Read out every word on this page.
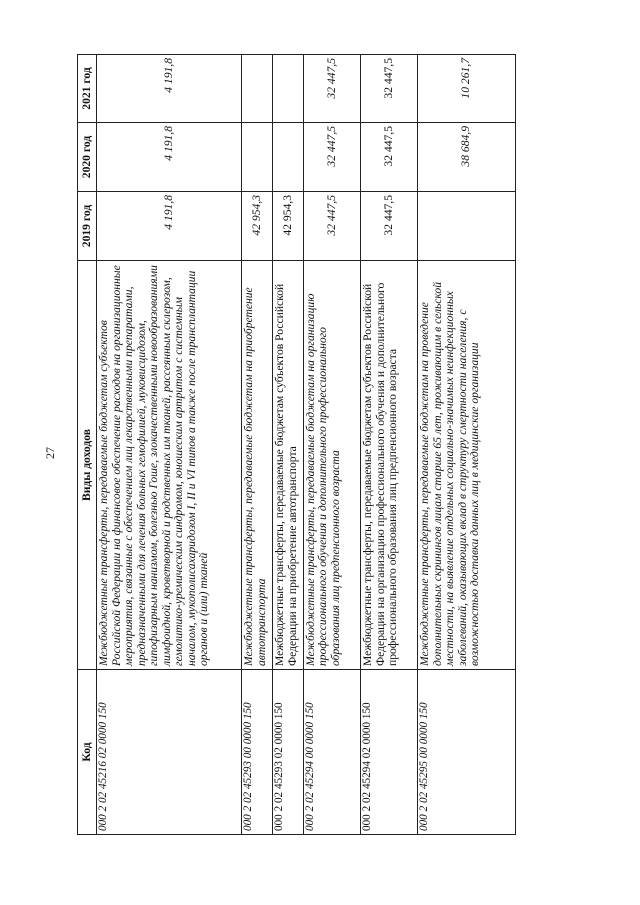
27
Код	Виды доходов	2019 год	2020 год	2021 год
000 2 02 45216 02 0000 150	Межбюджетные трансферты, передаваемые бюджетам субъектов Российской Федерации на финансовое обеспечение расходов на организационные мероприятия, связанные с обеспечением лиц лекарственными препаратами, предназначенными для лечения больных гемофилией, муковисцидозом, гипофизарным нанизмом, болезнью Гоше, злокачественными новообразованиями лимфоидной, кроветворной и родственных им тканей, рассеянным склерозом, гемолитико-уремическим синдромом, юношеским артритом с системным началом, мукополисахаридозом I, II и VI типов а также после трансплантации органов и (или) тканей	4 191,8	4 191,8	4 191,8
000 2 02 45293 00 0000 150	Межбюджетные трансферты, передаваемые бюджетам на приобретение автотранспорта	42 954,3		
000 2 02 45293 02 0000 150	Межбюджетные трансферты, передаваемые бюджетам субъектов Российской Федерации на приобретение автотранспорта	42 954,3		
000 2 02 45294 00 0000 150	Межбюджетные трансферты, передаваемые бюджетам на организацию профессионального обучения и дополнительного профессионального образования лиц предпенсионного возраста	32 447,5	32 447,5	32 447,5
000 2 02 45294 02 0000 150	Межбюджетные трансферты, передаваемые бюджетам субъектов Российской Федерации на организацию профессионального обучения и дополнительного профессионального образования лиц предпенсионного возраста	32 447,5	32 447,5	32 447,5
000 2 02 45295 00 0000 150	Межбюджетные трансферты, передаваемые бюджетам на проведение дополнительных скринингов лицам старше 65 лет, проживающим в сельской местности, на выявление отдельных социально-значимых неинфекционных заболеваний, оказывающих вклад в структуру смертности населения, с возможностью доставки данных лиц в медицинские организации		38 684,9	10 261,7
